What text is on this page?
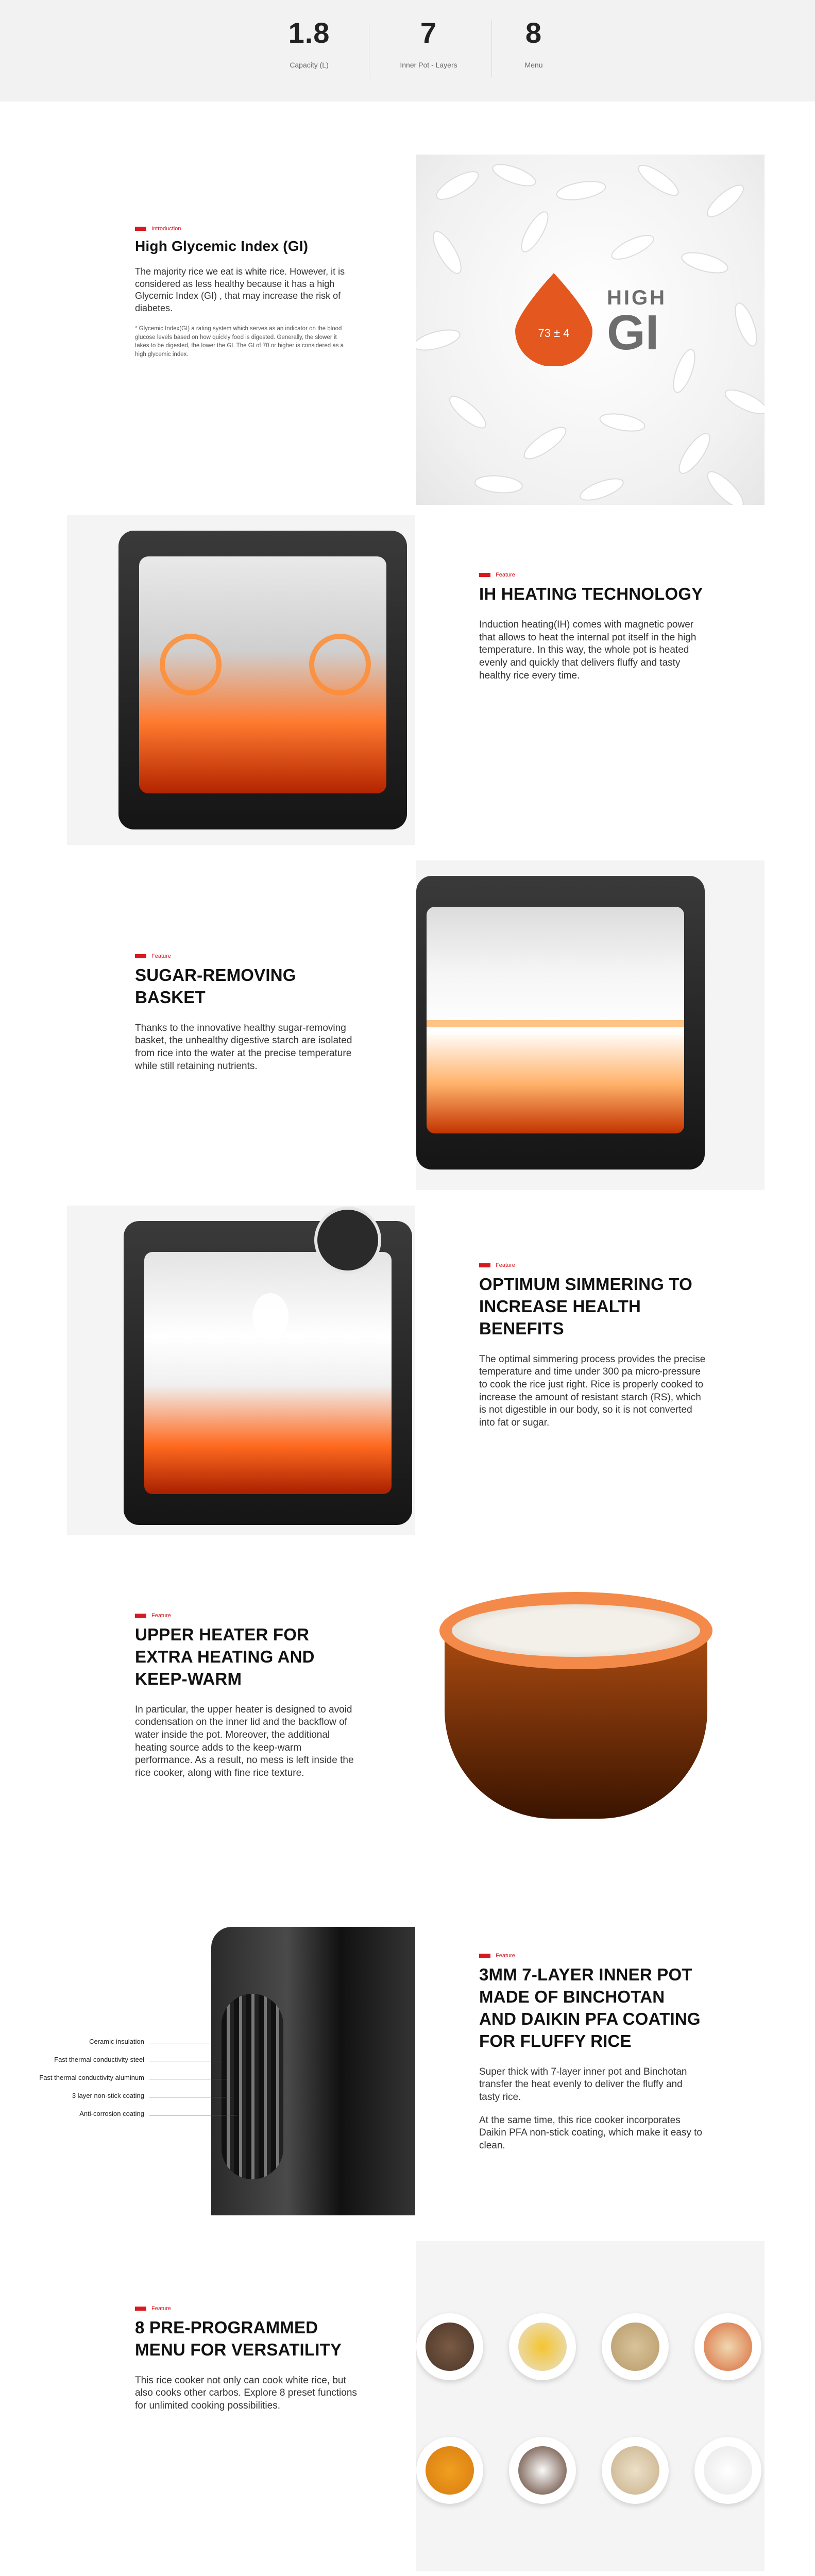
1.8
Capacity (L)
7
Inner Pot - Layers
8
Menu
Introduction
High Glycemic Index (GI)
The majority rice we eat is white rice. However, it is considered as less healthy because it has a high Glycemic Index (GI) , that may increase the risk of diabetes.
* Glycemic Index(GI) a rating system which serves as an indicator on the blood glucose levels based on how quickly food is digested. Generally, the slower it takes to be digested, the lower the GI. The GI of 70 or higher is considered as a high glycemic index.
73 ± 4
HIGH
GI
Feature
IH HEATING TECHNOLOGY
Induction heating(IH) comes with magnetic power that allows to heat the internal pot itself in the high temperature. In this way, the whole pot is heated evenly and quickly that delivers fluffy and tasty healthy rice every time.
Feature
SUGAR-REMOVING BASKET
Thanks to the innovative healthy sugar-removing basket, the unhealthy digestive starch are isolated from rice into the water at the precise temperature while still retaining nutrients.
Feature
OPTIMUM SIMMERING TO INCREASE HEALTH BENEFITS
The optimal simmering process provides the precise temperature and time under 300 pa micro-pressure to cook the rice just right. Rice is properly cooked to increase the amount of resistant starch (RS), which is not digestible in our body, so it is not converted into fat or sugar.
Feature
UPPER HEATER FOR EXTRA HEATING AND KEEP-WARM
In particular, the upper heater is designed to avoid condensation on the inner lid and the backflow of water inside the pot. Moreover, the additional heating source adds to the keep-warm performance. As a result, no mess is left inside the rice cooker, along with fine rice texture.
Ceramic insulation
Fast thermal conductivity steel
Fast thermal conductivity aluminum
3 layer non-stick coating
Anti-corrosion coating
Feature
3MM 7-LAYER INNER POT MADE OF BINCHOTAN AND DAIKIN PFA COATING FOR FLUFFY RICE
Super thick with 7-layer inner pot and Binchotan transfer the heat evenly to deliver the fluffy and tasty rice.
At the same time, this rice cooker incorporates Daikin PFA non-stick coating, which make it easy to clean.
Feature
8 PRE-PROGRAMMED MENU FOR VERSATILITY
This rice cooker not only can cook white rice, but also cooks other carbos. Explore 8 preset functions for unlimited cooking possibilities.
